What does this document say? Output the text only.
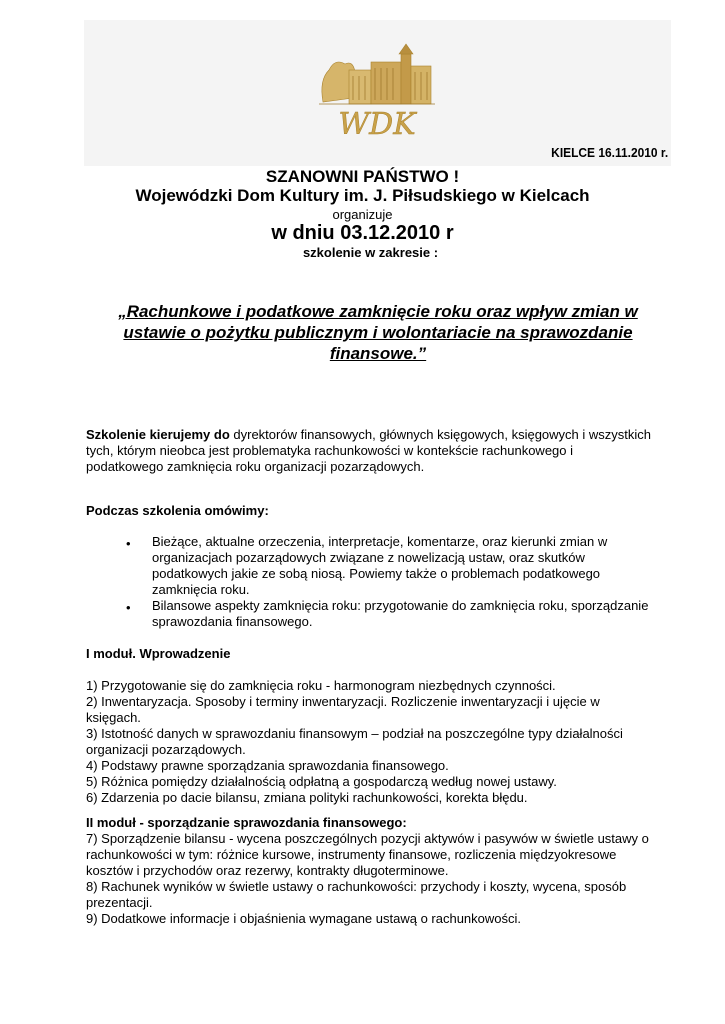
WDK
KIELCE 16.11.2010 r.
SZANOWNI PAŃSTWO !
Wojewódzki Dom Kultury im. J. Piłsudskiego w Kielcach
organizuje
w dniu 03.12.2010 r
szkolenie w zakresie :
„Rachunkowe i podatkowe zamknięcie roku oraz wpływ zmian w
ustawie o pożytku publicznym i wolontariacie na sprawozdanie
finansowe.”
Szkolenie kierujemy do dyrektorów finansowych, głównych księgowych, księgowych i wszystkich
tych, którym nieobca jest problematyka rachunkowości w kontekście rachunkowego i
podatkowego zamknięcia roku organizacji pozarządowych.
Podczas szkolenia omówimy:
• Bieżące, aktualne orzeczenia, interpretacje, komentarze, oraz kierunki zmian w
organizacjach pozarządowych związane z nowelizacją ustaw, oraz skutków
podatkowych jakie ze sobą niosą. Powiemy także o problemach podatkowego
zamknięcia roku.
• Bilansowe aspekty zamknięcia roku: przygotowanie do zamknięcia roku, sporządzanie
sprawozdania finansowego.
I moduł. Wprowadzenie
1) Przygotowanie się do zamknięcia roku - harmonogram niezbędnych czynności.
2) Inwentaryzacja. Sposoby i terminy inwentaryzacji. Rozliczenie inwentaryzacji i ujęcie w
księgach.
3) Istotność danych w sprawozdaniu finansowym – podział na poszczególne typy działalności
organizacji pozarządowych.
4) Podstawy prawne sporządzania sprawozdania finansowego.
5) Różnica pomiędzy działalnością odpłatną a gospodarczą według nowej ustawy.
6) Zdarzenia po dacie bilansu, zmiana polityki rachunkowości, korekta błędu.
II moduł - sporządzanie sprawozdania finansowego:
7) Sporządzenie bilansu - wycena poszczególnych pozycji aktywów i pasywów w świetle ustawy o
rachunkowości w tym: różnice kursowe, instrumenty finansowe, rozliczenia międzyokresowe
kosztów i przychodów oraz rezerwy, kontrakty długoterminowe.
8) Rachunek wyników w świetle ustawy o rachunkowości: przychody i koszty, wycena, sposób
prezentacji.
9) Dodatkowe informacje i objaśnienia wymagane ustawą o rachunkowości.
